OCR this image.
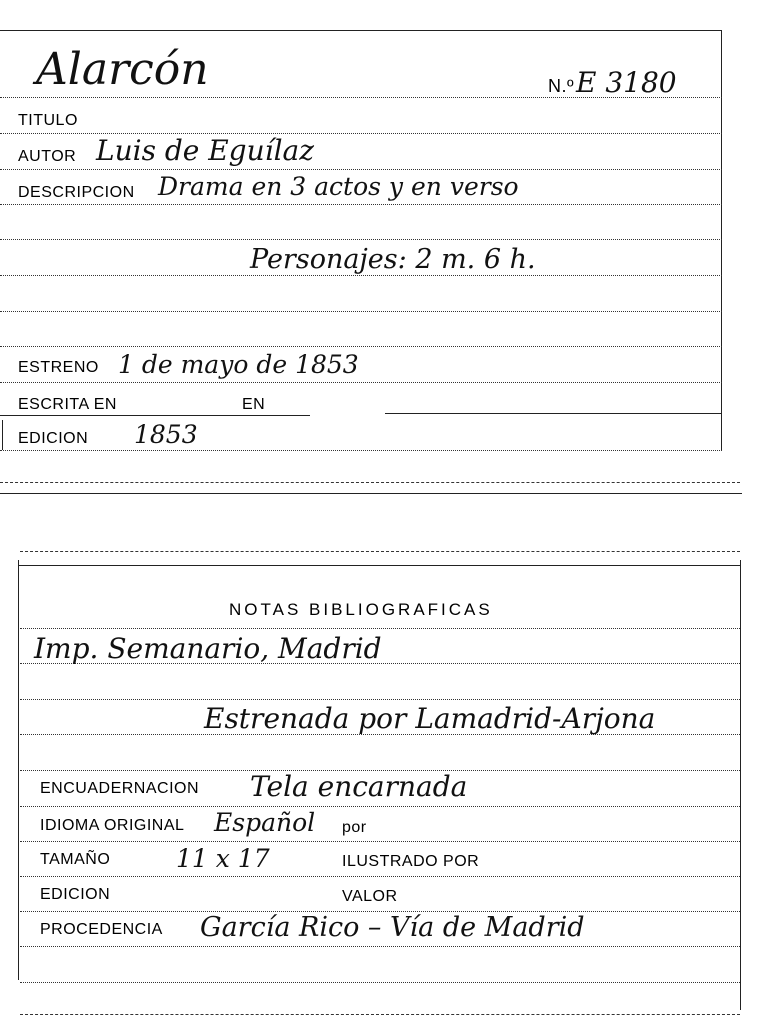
Alarcón	N.º E 3180
TITULO
AUTOR Luis de Eguílaz
DESCRIPCION Drama en 3 actos y en verso
Personajes: 2 m. 6 h.
ESTRENO 1 de mayo de 1853
ESCRITA EN	EN
EDICION 1853
NOTAS BIBLIOGRAFICAS
Imp. Semanario, Madrid
Estrenada por Lamadrid-Arjona
ENCUADERNACION Tela encarnada
IDIOMA ORIGINAL Español por
TAMAÑO	11 x 17	ILUSTRADO POR
EDICION	VALOR
PROCEDENCIA García Rico – Vía de Madrid
